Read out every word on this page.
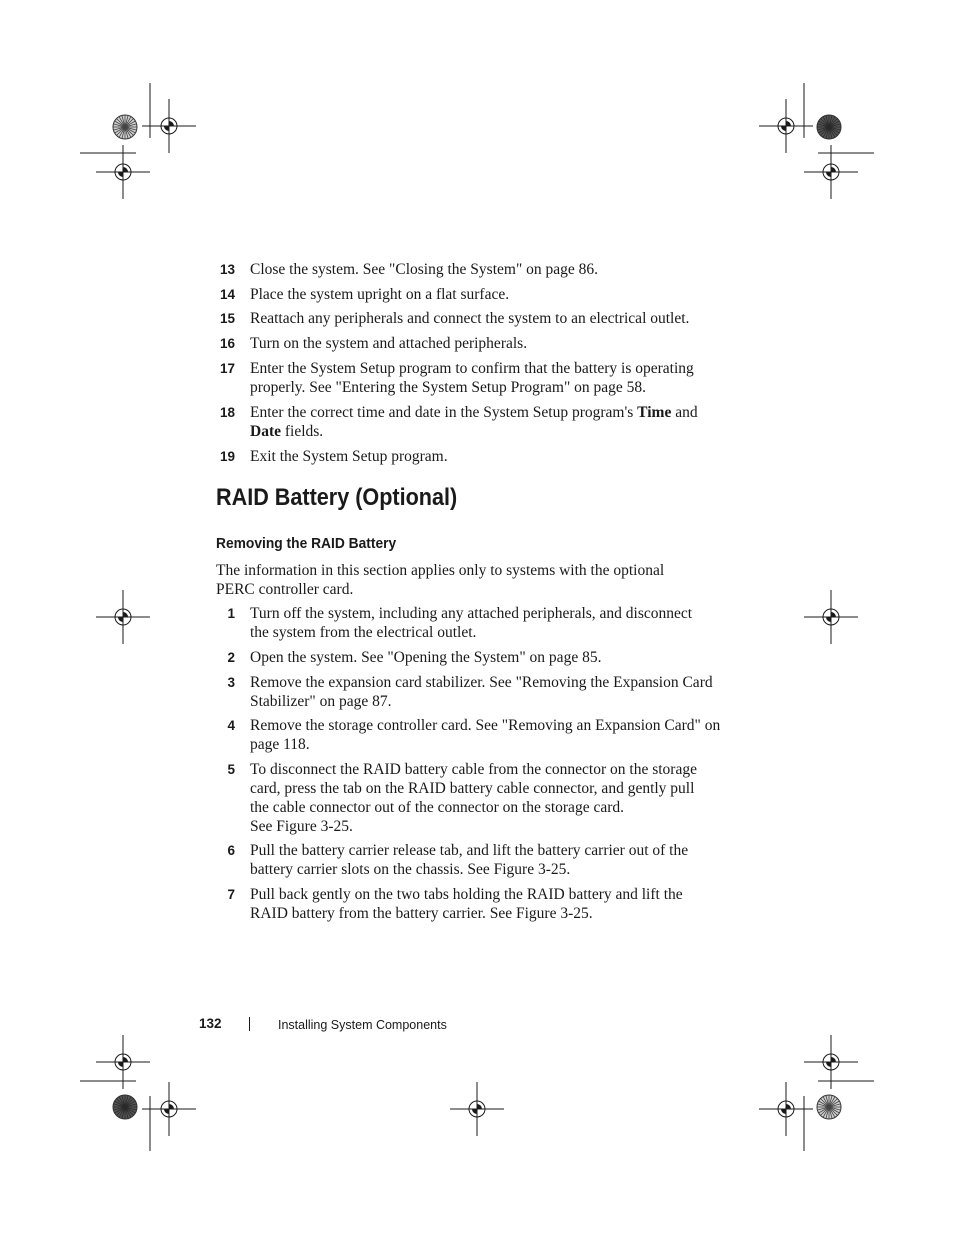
13 Close the system. See "Closing the System" on page 86.
14 Place the system upright on a flat surface.
15 Reattach any peripherals and connect the system to an electrical outlet.
16 Turn on the system and attached peripherals.
17 Enter the System Setup program to confirm that the battery is operating
properly. See "Entering the System Setup Program" on page 58.
18 Enter the correct time and date in the System Setup program's Time and
Date fields.
19 Exit the System Setup program.
RAID Battery (Optional)
Removing the RAID Battery

The information in this section applies only to systems with the optional
PERC controller card.

1 Turn off the system, including any attached peripherals, and disconnect
the system from the electrical outlet.
2 Open the system. See "Opening the System" on page 85.
3 Remove the expansion card stabilizer. See "Removing the Expansion Card
Stabilizer" on page 87.
4 Remove the storage controller card. See "Removing an Expansion Card" on
page 118.
5 To disconnect the RAID battery cable from the connector on the storage
card, press the tab on the RAID battery cable connector, and gently pull
the cable connector out of the connector on the storage card.
See Figure 3-25.
6 Pull the battery carrier release tab, and lift the battery carrier out of the
battery carrier slots on the chassis. See Figure 3-25.
7 Pull back gently on the two tabs holding the RAID battery and lift the
RAID battery from the battery carrier. See Figure 3-25.
132	Installing System Components
